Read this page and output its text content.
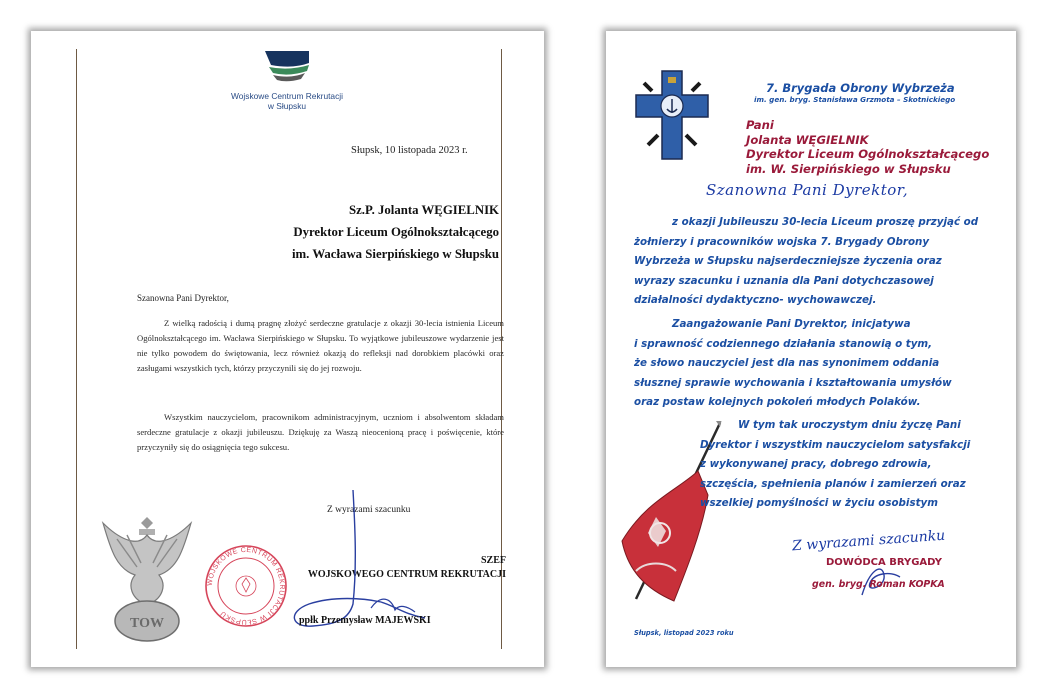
Wojskowe Centrum Rekrutacji
w Słupsku
Słupsk, 10 listopada 2023 r.
Sz.P. Jolanta WĘGIELNIK
Dyrektor Liceum Ogólnokształcącego
im. Wacława Sierpińskiego w Słupsku
Szanowna Pani Dyrektor,
Z wielką radością i dumą pragnę złożyć serdeczne gratulacje z okazji 30-lecia istnienia Liceum Ogólnokształcącego im. Wacława Sierpińskiego w Słupsku. To wyjątkowe jubileuszowe wydarzenie jest nie tylko powodem do świętowania, lecz również okazją do refleksji nad dorobkiem placówki oraz zasługami wszystkich tych, którzy przyczynili się do jej rozwoju.
Wszystkim nauczycielom, pracownikom administracyjnym, uczniom i absolwentom składam serdeczne gratulacje z okazji jubileuszu. Dziękuję za Waszą nieocenioną pracę i poświęcenie, które przyczyniły się do osiągnięcia tego sukcesu.
Z wyrazami szacunku
TOW
WOJSKOWE CENTRUM REKRUTACJI W SŁUPSKU
SZEF
WOJSKOWEGO CENTRUM REKRUTACJI
ppłk Przemysław MAJEWSKI
7. Brygada Obrony Wybrzeża
im. gen. bryg. Stanisława Grzmota – Skotnickiego
Pani
Jolanta WĘGIELNIK
Dyrektor Liceum Ogólnokształcącego
im. W. Sierpińskiego w Słupsku
Szanowna Pani Dyrektor,
z okazji Jubileuszu 30-lecia Liceum proszę przyjąć od
żołnierzy i pracowników wojska 7. Brygady Obrony
Wybrzeża w Słupsku najserdeczniejsze życzenia oraz
wyrazy szacunku i uznania dla Pani dotychczasowej
działalności dydaktyczno- wychowawczej.
Zaangażowanie Pani Dyrektor, inicjatywa
i sprawność codziennego działania stanowią o tym,
że słowo nauczyciel jest dla nas synonimem oddania
słusznej sprawie wychowania i kształtowania umysłów
oraz postaw kolejnych pokoleń młodych Polaków.
W tym tak uroczystym dniu życzę Pani
Dyrektor i wszystkim nauczycielom satysfakcji
z wykonywanej pracy, dobrego zdrowia,
szczęścia, spełnienia planów i zamierzeń oraz
wszelkiej pomyślności w życiu osobistym
Z wyrazami szacunku
DOWÓDCA BRYGADY
gen. bryg. Roman KOPKA
Słupsk, listopad 2023 roku
